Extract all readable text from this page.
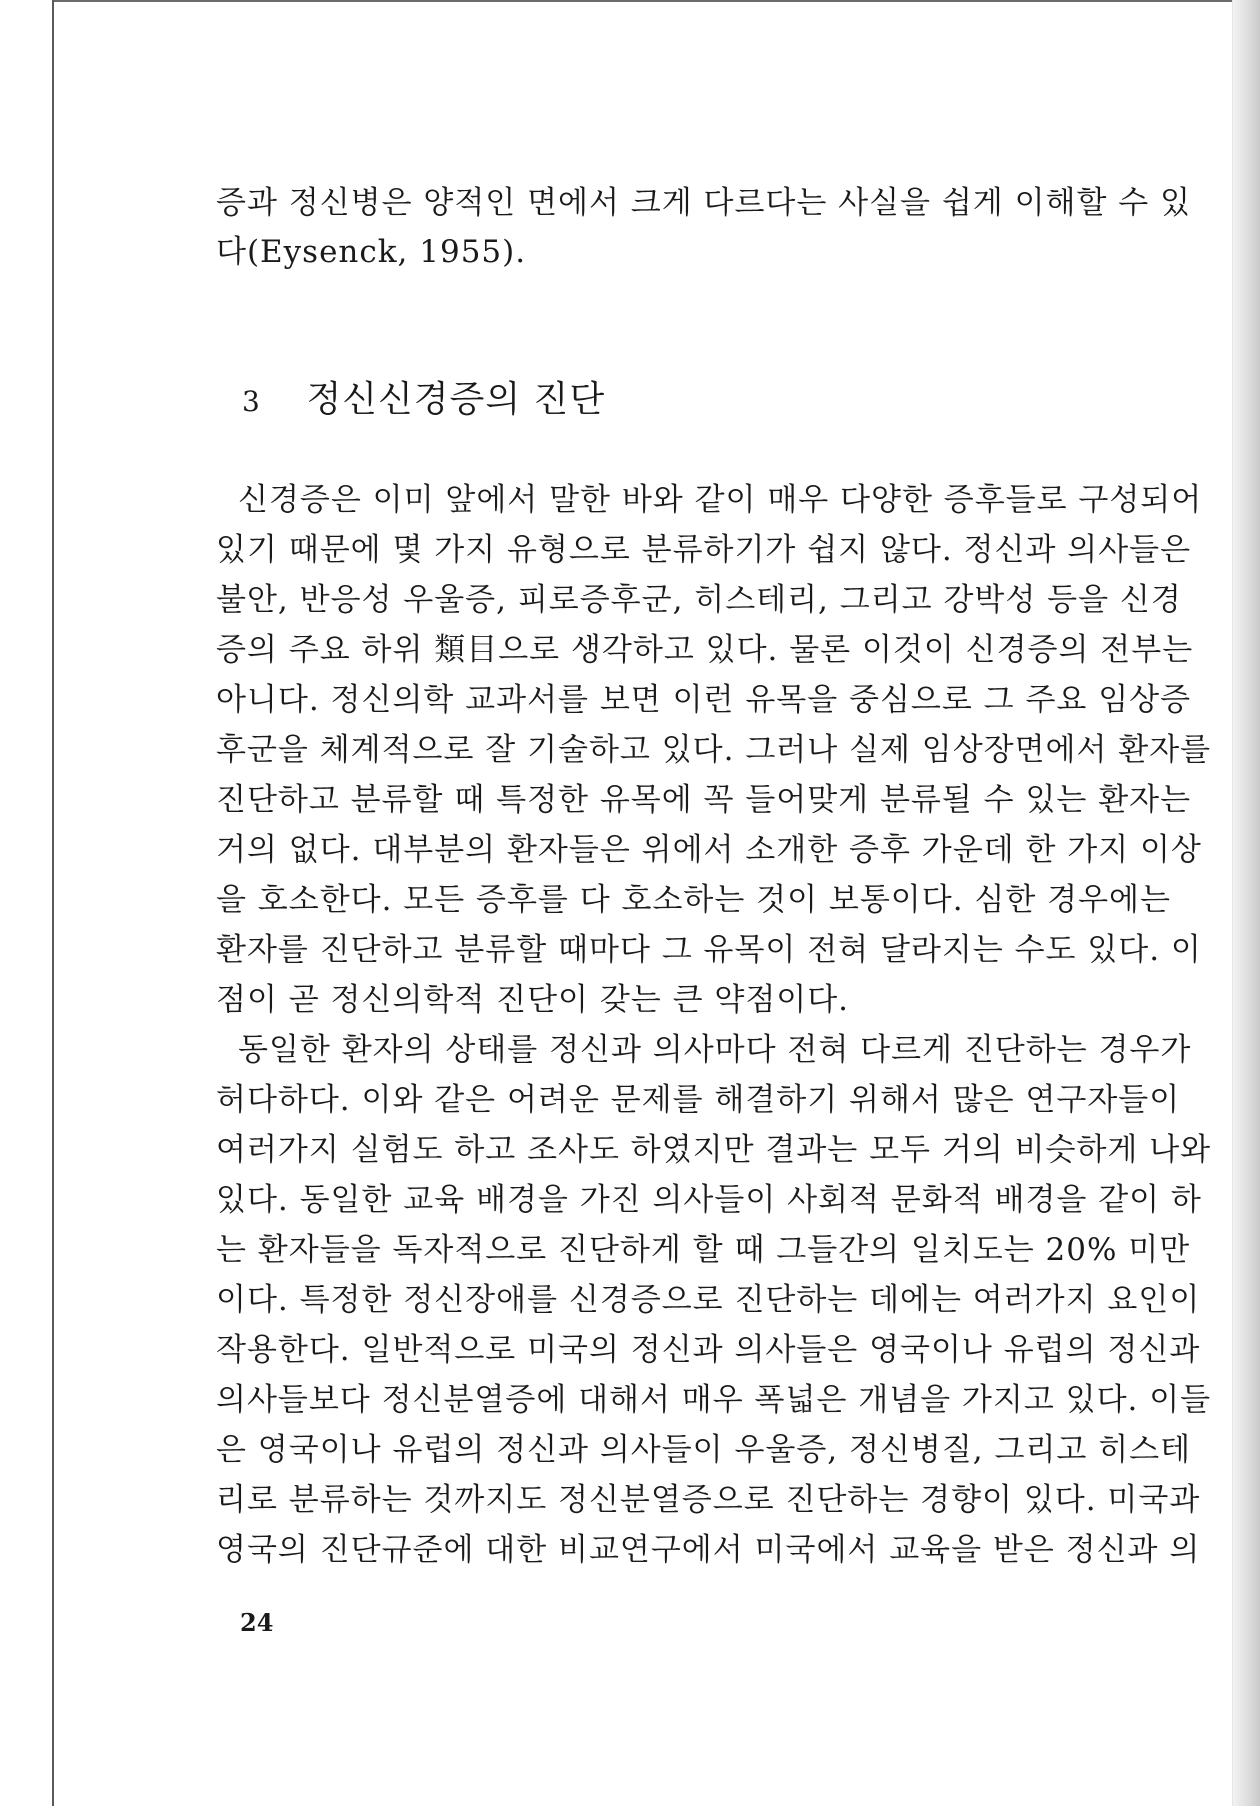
증과 정신병은 양적인 면에서 크게 다르다는 사실을 쉽게 이해할 수 있
다(Eysenck, 1955).
3 정신신경증의 진단
신경증은 이미 앞에서 말한 바와 같이 매우 다양한 증후들로 구성되어
있기 때문에 몇 가지 유형으로 분류하기가 쉽지 않다. 정신과 의사들은
불안, 반응성 우울증, 피로증후군, 히스테리, 그리고 강박성 등을 신경
증의 주요 하위 類目으로 생각하고 있다. 물론 이것이 신경증의 전부는
아니다. 정신의학 교과서를 보면 이런 유목을 중심으로 그 주요 임상증
후군을 체계적으로 잘 기술하고 있다. 그러나 실제 임상장면에서 환자를
진단하고 분류할 때 특정한 유목에 꼭 들어맞게 분류될 수 있는 환자는
거의 없다. 대부분의 환자들은 위에서 소개한 증후 가운데 한 가지 이상
을 호소한다. 모든 증후를 다 호소하는 것이 보통이다. 심한 경우에는
환자를 진단하고 분류할 때마다 그 유목이 전혀 달라지는 수도 있다. 이
점이 곧 정신의학적 진단이 갖는 큰 약점이다.
동일한 환자의 상태를 정신과 의사마다 전혀 다르게 진단하는 경우가
허다하다. 이와 같은 어려운 문제를 해결하기 위해서 많은 연구자들이
여러가지 실험도 하고 조사도 하였지만 결과는 모두 거의 비슷하게 나와
있다. 동일한 교육 배경을 가진 의사들이 사회적 문화적 배경을 같이 하
는 환자들을 독자적으로 진단하게 할 때 그들간의 일치도는 20% 미만
이다. 특정한 정신장애를 신경증으로 진단하는 데에는 여러가지 요인이
작용한다. 일반적으로 미국의 정신과 의사들은 영국이나 유럽의 정신과
의사들보다 정신분열증에 대해서 매우 폭넓은 개념을 가지고 있다. 이들
은 영국이나 유럽의 정신과 의사들이 우울증, 정신병질, 그리고 히스테
리로 분류하는 것까지도 정신분열증으로 진단하는 경향이 있다. 미국과
영국의 진단규준에 대한 비교연구에서 미국에서 교육을 받은 정신과 의
24
